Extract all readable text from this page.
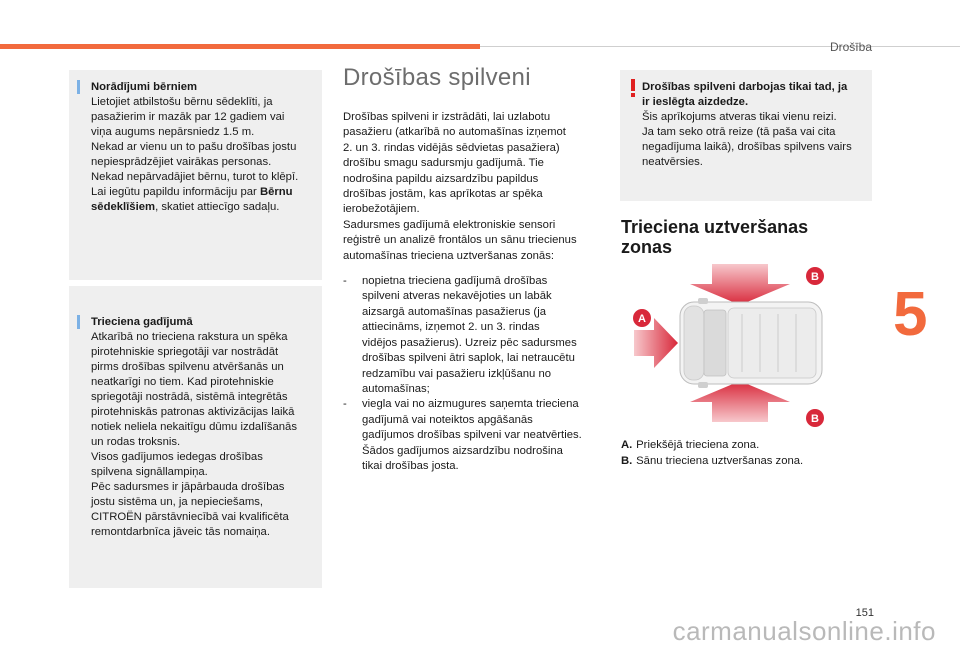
Drošība
Norādījumi bērniem

Lietojiet atbilstošu bērnu sēdeklīti, ja
pasažierim ir mazāk par 12 gadiem vai
viņa augums nepārsniedz 1.5 m.
Nekad ar vienu un to pašu drošības jostu
nepiesprādzējiet vairākas personas.
Nekad nepārvadājiet bērnu, turot to klēpī.
Lai iegūtu papildu informāciju par Bērnu
sēdeklīšiem, skatiet attiecīgo sadaļu.

Trieciena gadījumā

Atkarībā no trieciena rakstura un spēka
pirotehniskie spriegotāji var nostrādāt
pirms drošības spilvenu atvēršanās un
neatkarīgi no tiem. Kad pirotehniskie
spriegotāji nostrādā, sistēmā integrētās
pirotehniskās patronas aktivizācijas laikā
notiek neliela nekaitīgu dūmu izdalīšanās
un rodas troksnis.
Visos gadījumos iedegas drošības
spilvena signāllampiņa.
Pēc sadursmes ir jāpārbauda drošības
jostu sistēma un, ja nepieciešams,
CITROËN pārstāvniecībā vai kvalificēta
remontdarbnīca jāveic tās nomaiņa.

Drošības spilveni

Drošības spilveni ir izstrādāti, lai uzlabotu
pasažieru (atkarībā no automašīnas izņemot
2. un 3. rindas vidējās sēdvietas pasažiera)
drošību smagu sadursmju gadījumā. Tie
nodrošina papildu aizsardzību papildus
drošības jostām, kas aprīkotas ar spēka
ierobežotājiem.
Sadursmes gadījumā elektroniskie sensori
reģistrē un analizē frontālos un sānu triecienus
automašīnas trieciena uztveršanas zonās:

- nopietna trieciena gadījumā drošības
spilveni atveras nekavējoties un labāk
aizsargā automašīnas pasažierus (ja
attiecināms, izņemot 2. un 3. rindas
vidējos pasažierus). Uzreiz pēc sadursmes
drošības spilveni ātri saplok, lai netraucētu
redzamību vai pasažieru izkļūšanu no
automašīnas;
- viegla vai no aizmugures saņemta trieciena
gadījumā vai noteiktos apgāšanās
gadījumos drošības spilveni var neatvērties.
Šādos gadījumos aizsardzību nodrošina
tikai drošības josta.
Drošības spilveni darbojas tikai tad, ja
ir ieslēgta aizdedze.

Šis aprīkojums atveras tikai vienu reizi.
Ja tam seko otrā reize (tā paša vai cita
negadījuma laikā), drošības spilvens vairs
neatvērsies.

Trieciena uztveršanas
zonas
B
A
B
A.
Priekšējā trieciena zona.
B.
Sānu trieciena uztveršanas zona.
5
151
carmanualsonline.info
